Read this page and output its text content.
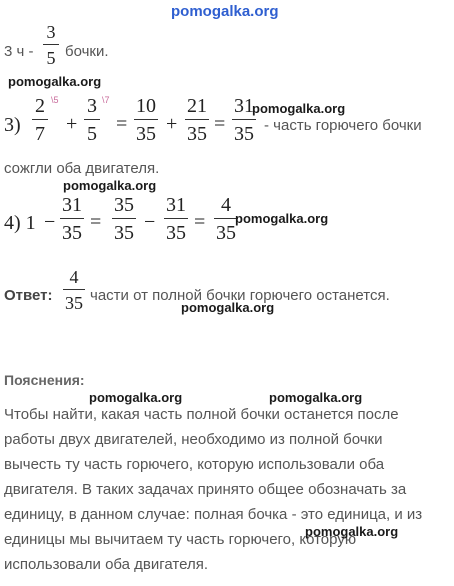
pomogalka.org
3 ч -
3
5 бочки.
pomogalka.org
3)
2
7
\5
+
3
5
\7
=
10
35 +
21
35 =
31
35
pomogalka.org
- часть горючего бочки
сожгли оба двигателя.
pomogalka.org
4) 1 −
31
35 =
35
35 −
31
35 =
4
35
pomogalka.org
Ответ:
4
35 части от полной бочки горючего останется.
pomogalka.org
Пояснения:
pomogalka.org	pomogalka.org
Чтобы найти, какая часть полной бочки останется после
работы двух двигателей, необходимо из полной бочки
вычесть ту часть горючего, которую использовали оба
двигателя. В таких задачах принято общее обозначать за
единицу, в данном случае: полная бочка - это единица, и из
единицы мы вычитаем ту часть горючего, которую
использовали оба двигателя.
pomogalka.org
